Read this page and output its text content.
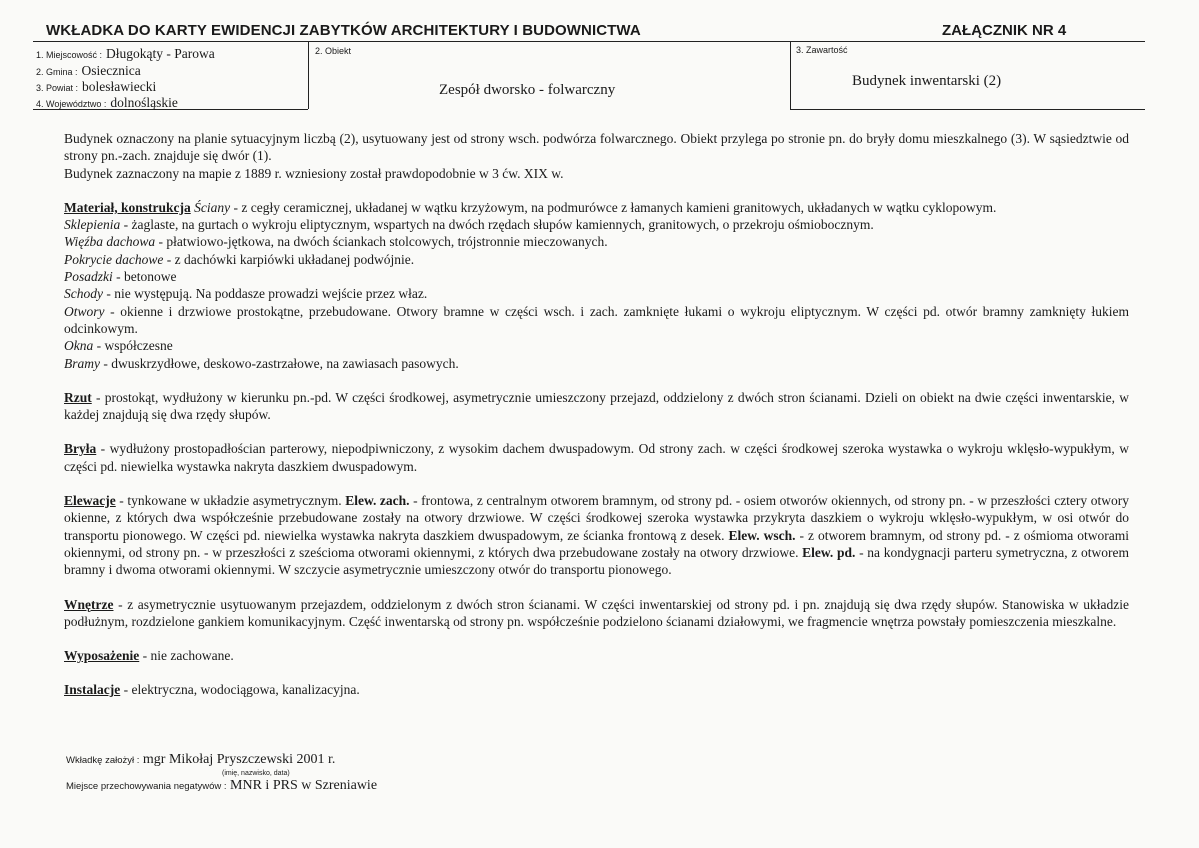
WKŁADKA DO KARTY EWIDENCJI ZABYTKÓW ARCHITEKTURY I BUDOWNICTWA	ZAŁĄCZNIK NR 4
1. Miejscowość : Długokąty - Parowa
2. Gmina : Osiecznica
3. Powiat : bolesławiecki
4. Województwo : dolnośląskie
2. Obiekt
Zespół dworsko - folwarczny
3. Zawartość
Budynek inwentarski (2)

Budynek oznaczony na planie sytuacyjnym liczbą (2), usytuowany jest od strony wsch. podwórza folwarcznego. Obiekt przylega po stronie pn. do bryły domu mieszkalnego (3). W sąsiedztwie od strony pn.-zach. znajduje się dwór (1).

Budynek zaznaczony na mapie z 1889 r. wzniesiony został prawdopodobnie w 3 ćw. XIX w.

Materiał, konstrukcja Ściany - z cegły ceramicznej, układanej w wątku krzyżowym, na podmurówce z łamanych kamieni granitowych, układanych w wątku cyklopowym.

Sklepienia - żaglaste, na gurtach o wykroju eliptycznym, wspartych na dwóch rzędach słupów kamiennych, granitowych, o przekroju ośmiobocznym.

Więźba dachowa - płatwiowo-jętkowa, na dwóch ściankach stolcowych, trójstronnie mieczowanych.

Pokrycie dachowe - z dachówki karpiówki układanej podwójnie.

Posadzki - betonowe

Schody - nie występują. Na poddasze prowadzi wejście przez właz.

Otwory - okienne i drzwiowe prostokątne, przebudowane. Otwory bramne w części wsch. i zach. zamknięte łukami o wykroju eliptycznym. W części pd. otwór bramny zamknięty łukiem odcinkowym.

Okna - współczesne

Bramy - dwuskrzydłowe, deskowo-zastrzałowe, na zawiasach pasowych.

Rzut - prostokąt, wydłużony w kierunku pn.-pd. W części środkowej, asymetrycznie umieszczony przejazd, oddzielony z dwóch stron ścianami. Dzieli on obiekt na dwie części inwentarskie, w każdej znajdują się dwa rzędy słupów.

Bryła - wydłużony prostopadłościan parterowy, niepodpiwniczony, z wysokim dachem dwuspadowym. Od strony zach. w części środkowej szeroka wystawka o wykroju wklęsło-wypukłym, w części pd. niewielka wystawka nakryta daszkiem dwuspadowym.

Elewacje - tynkowane w układzie asymetrycznym. Elew. zach. - frontowa, z centralnym otworem bramnym, od strony pd. - osiem otworów okiennych, od strony pn. - w przeszłości cztery otwory okienne, z których dwa współcześnie przebudowane zostały na otwory drzwiowe. W części środkowej szeroka wystawka przykryta daszkiem o wykroju wklęsło-wypukłym, w osi otwór do transportu pionowego. W części pd. niewielka wystawka nakryta daszkiem dwuspadowym, ze ścianka frontową z desek. Elew. wsch. - z otworem bramnym, od strony pd. - z ośmioma otworami okiennymi, od strony pn. - w przeszłości z sześcioma otworami okiennymi, z których dwa przebudowane zostały na otwory drzwiowe. Elew. pd. - na kondygnacji parteru symetryczna, z otworem bramny i dwoma otworami okiennymi. W szczycie asymetrycznie umieszczony otwór do transportu pionowego.

Wnętrze - z asymetrycznie usytuowanym przejazdem, oddzielonym z dwóch stron ścianami. W części inwentarskiej od strony pd. i pn. znajdują się dwa rzędy słupów. Stanowiska w układzie podłużnym, rozdzielone gankiem komunikacyjnym. Część inwentarską od strony pn. współcześnie podzielono ścianami działowymi, we fragmencie wnętrza powstały pomieszczenia mieszkalne.

Wyposażenie - nie zachowane.

Instalacje - elektryczna, wodociągowa, kanalizacyjna.

Wkładkę założył : mgr Mikołaj Pryszczewski 2001 r.
(imię, nazwisko, data)
Miejsce przechowywania negatywów : MNR i PRS w Szreniawie
